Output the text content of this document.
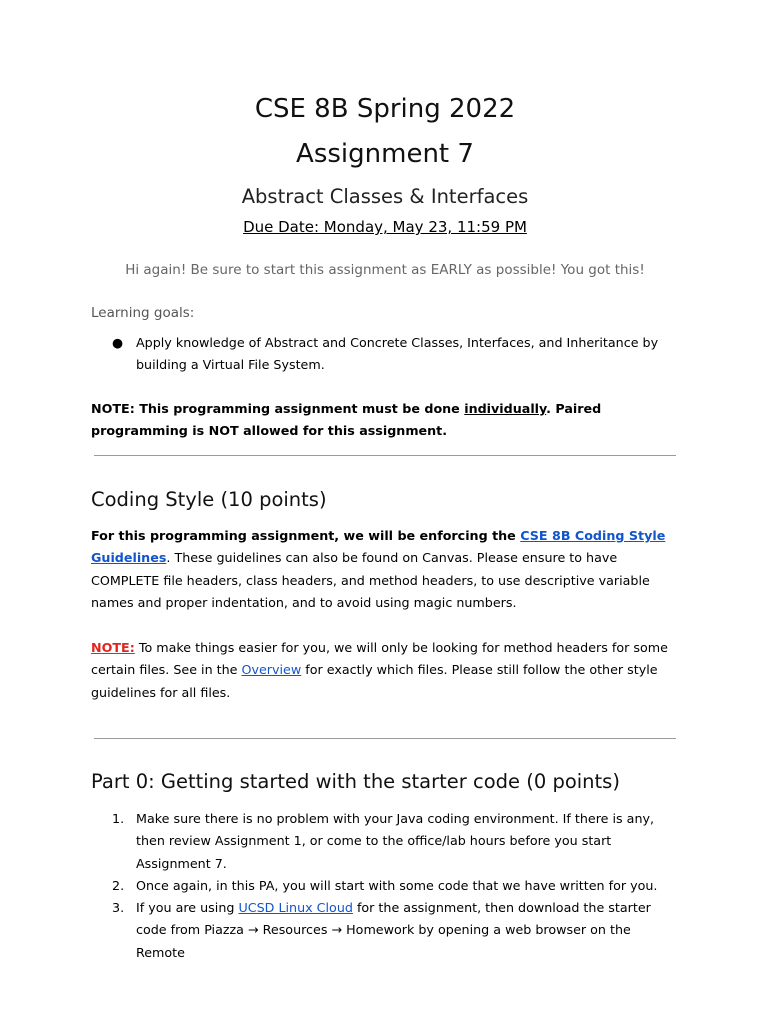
CSE 8B Spring 2022
Assignment 7
Abstract Classes & Interfaces
Due Date: Monday, May 23, 11:59 PM
Hi again! Be sure to start this assignment as EARLY as possible! You got this!
Learning goals:
● Apply knowledge of Abstract and Concrete Classes, Interfaces, and Inheritance by building a Virtual File System.
NOTE: This programming assignment must be done individually. Paired programming is NOT allowed for this assignment.
Coding Style (10 points)
For this programming assignment, we will be enforcing the CSE 8B Coding Style Guidelines. These guidelines can also be found on Canvas. Please ensure to have COMPLETE file headers, class headers, and method headers, to use descriptive variable names and proper indentation, and to avoid using magic numbers.
NOTE: To make things easier for you, we will only be looking for method headers for some certain files. See in the Overview for exactly which files. Please still follow the other style guidelines for all files.
Part 0: Getting started with the starter code (0 points)
1. Make sure there is no problem with your Java coding environment. If there is any, then review Assignment 1, or come to the office/lab hours before you start Assignment 7.
2. Once again, in this PA, you will start with some code that we have written for you.
3. If you are using UCSD Linux Cloud for the assignment, then download the starter code from Piazza → Resources → Homework by opening a web browser on the Remote
